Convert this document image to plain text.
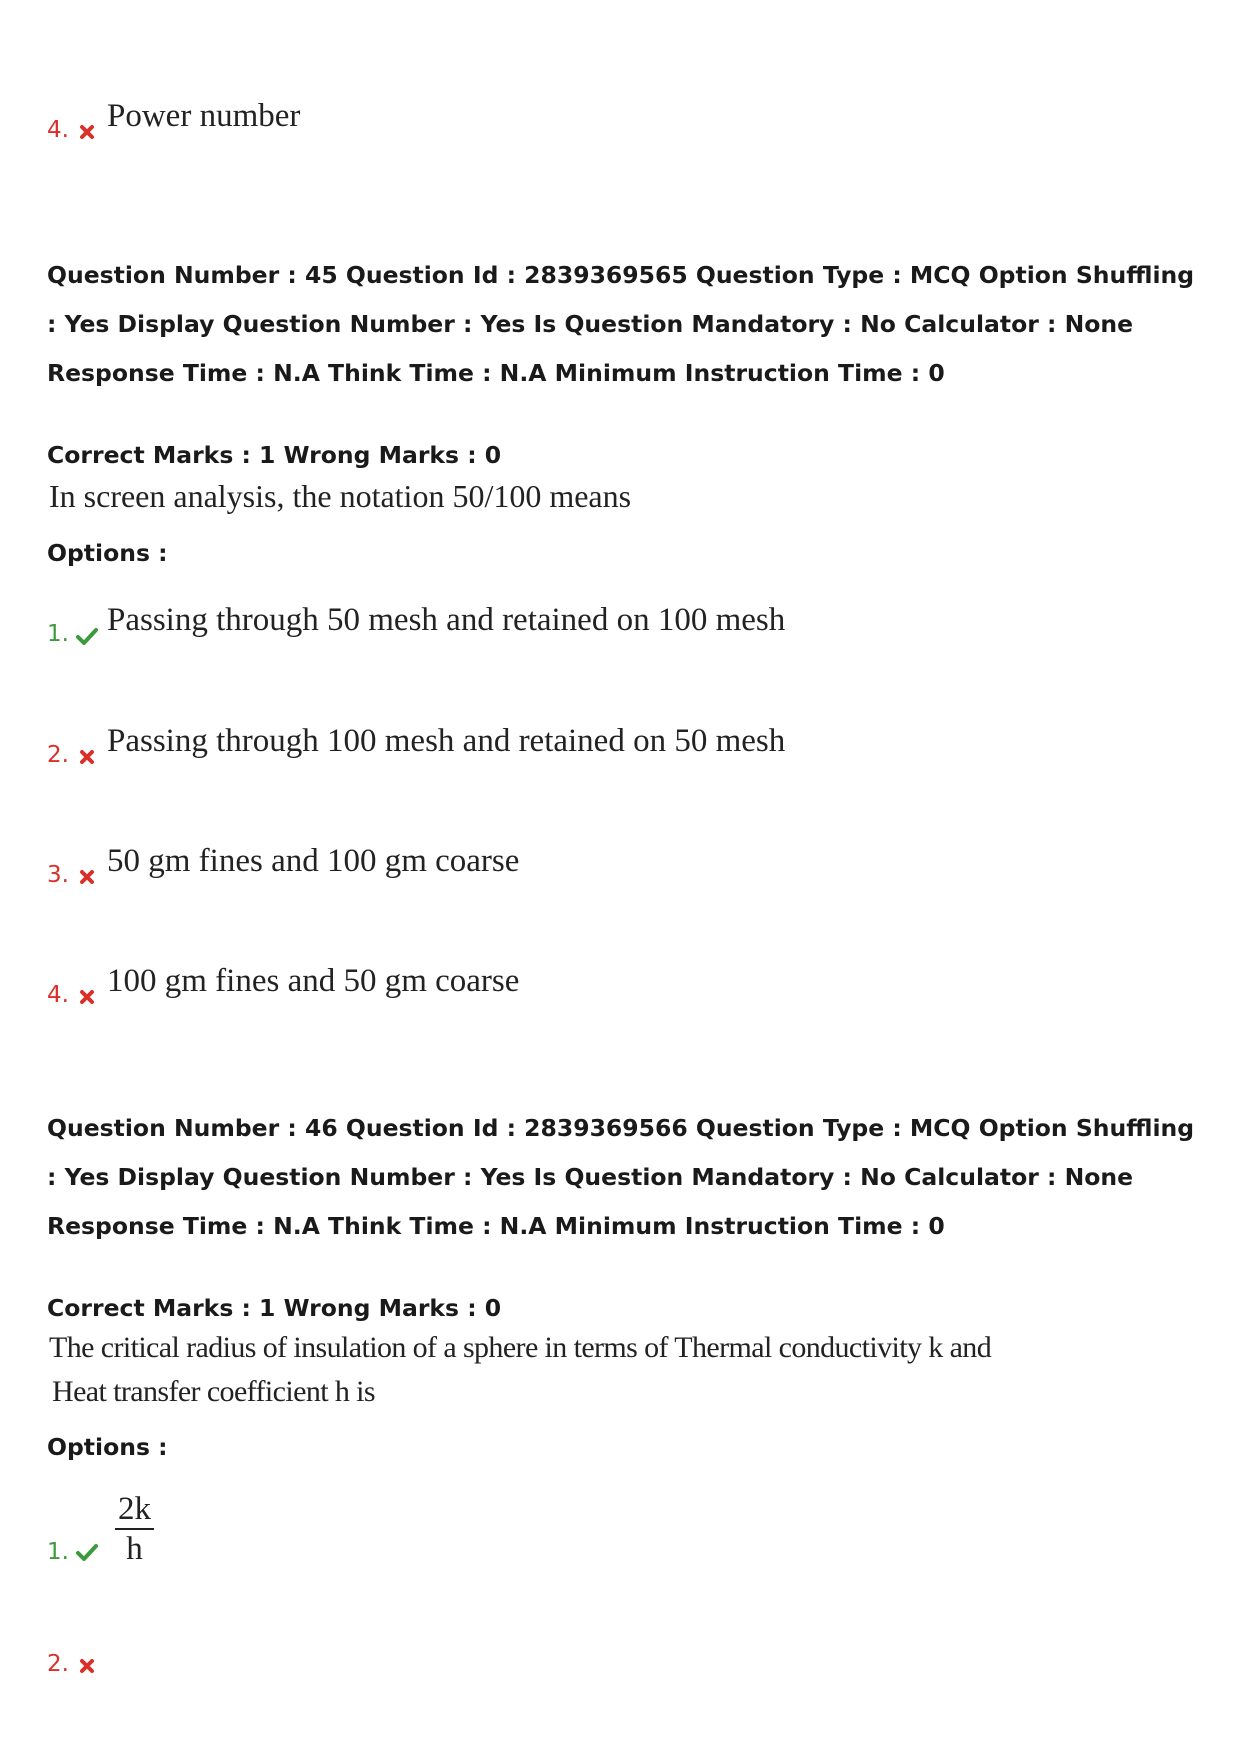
4. Power number

Question Number : 45 Question Id : 2839369565 Question Type : MCQ Option Shuffling : Yes Display Question Number : Yes Is Question Mandatory : No Calculator : None Response Time : N.A Think Time : N.A Minimum Instruction Time : 0

Correct Marks : 1 Wrong Marks : 0

In screen analysis, the notation 50/100 means

Options :
1. Passing through 50 mesh and retained on 100 mesh
2. Passing through 100 mesh and retained on 50 mesh
3. 50 gm fines and 100 gm coarse
4. 100 gm fines and 50 gm coarse

Question Number : 46 Question Id : 2839369566 Question Type : MCQ Option Shuffling : Yes Display Question Number : Yes Is Question Mandatory : No Calculator : None Response Time : N.A Think Time : N.A Minimum Instruction Time : 0

Correct Marks : 1 Wrong Marks : 0

The critical radius of insulation of a sphere in terms of Thermal conductivity k and

Heat transfer coefficient h is

Options :
1. $\frac{2k}{h}$
2.
